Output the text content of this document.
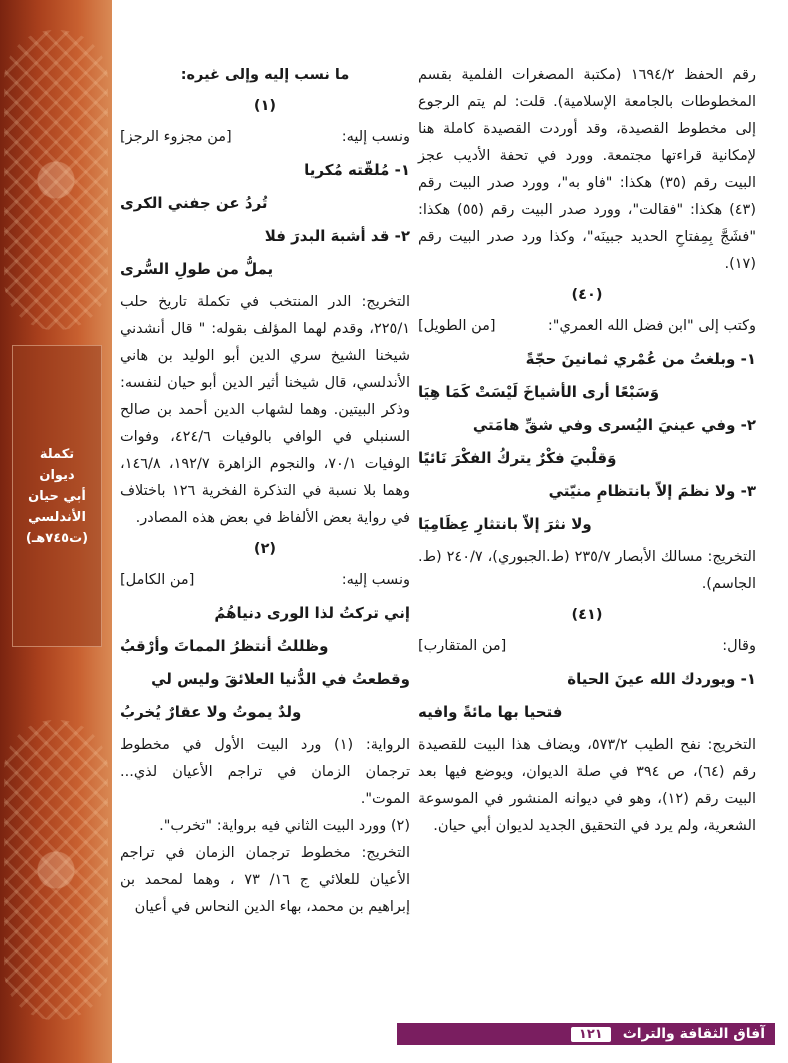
تكملة
ديوان
أبي حيان
الأندلسي
(ت٧٤٥هـ)

رقم الحفظ ١٦٩٤/٢ (مكتبة المصغرات الفلمية بقسم المخطوطات بالجامعة الإسلامية). قلت: لم يتم الرجوع إلى مخطوط القصيدة، وقد أوردت القصيدة كاملة هنا لإمكانية قراءتها مجتمعة. وورد في تحفة الأديب عجز البيت رقم (٣٥) هكذا: "فاو به"، وورد صدر البيت رقم (٤٣) هكذا: "فقالت"، وورد صدر البيت رقم (٥٥) هكذا: "فشَجَّ بِمِفتاحِ الحديد جبينَه"، وكذا ورد صدر البيت رقم (١٧).

(٤٠)

وكتب إلى "ابن فضل الله العمري":
[من الطويل]

١- وبلغتُ من عُمْري ثمانينَ حجّةً

وَسَبْعًا أرى الأشياخَ لَيْسَتْ كَمَا هِيَا

٢- وفي عينيَ اليُسرى وفي شقِّ هامَتي

وَقلْبيَ فكْرٌ يتركُ الفكْرَ نَائيًا

٣- ولا نظمَ إلاّ بانتظامِ منيّتي

ولا نثرَ إلاّ بانتثارِ عِظَامِيَا

التخريج: مسالك الأبصار ٢٣٥/٧ (ط.الجبوري)، ٢٤٠/٧ (ط. الجاسم).

(٤١)

وقال:
[من المتقارب]

١- ويوردك الله عينَ الحياة

فتحيا بها مائةً وافيه

التخريج: نفح الطيب ٥٧٣/٢، ويضاف هذا البيت للقصيدة رقم (٦٤)، ص ٣٩٤ في صلة الديوان، ويوضع فيها بعد البيت رقم (١٢)، وهو في ديوانه المنشور في الموسوعة الشعرية، ولم يرد في التحقيق الجديد لديوان أبي حيان.

ما نسب إليه وإلى غيره:

(١)

ونسب إليه:
[من مجزوء الرجز]

١- مُلقّته مُكريا

تُردُ عن جفني الكرى

٢- قد أشبهَ البدرَ فلا

يملُّ من طولِ السُّرى

التخريج: الدر المنتخب في تكملة تاريخ حلب ٢٢٥/١، وقدم لهما المؤلف بقوله: " قال أنشدني شيخنا الشيخ سري الدين أبو الوليد بن هاني الأندلسي، قال شيخنا أثير الدين أبو حيان لنفسه: وذكر البيتين. وهما لشهاب الدين أحمد بن صالح السنبلي في الوافي بالوفيات ٤٢٤/٦، وفوات الوفيات ٧٠/١، والنجوم الزاهرة ١٩٢/٧، ١٤٦/٨، وهما بلا نسبة في التذكرة الفخرية ١٢٦ باختلاف في رواية بعض الألفاظ في بعض هذه المصادر.

(٢)

ونسب إليه:
[من الكامل]

إني تركتُ لذا الورى دنياهُمُ

وظللتُ أنتظرُ المماتَ وأرْقبُ

وقطعتُ في الدُّنيا العلائقَ وليس لي

ولدٌ يموتُ ولا عقارٌ يُخربُ

الرواية: (١) ورد البيت الأول في مخطوط ترجمان الزمان في تراجم الأعيان لذي... الموت".

(٢) وورد البيت الثاني فيه برواية: "تخرب".

التخريج: مخطوط ترجمان الزمان في تراجم الأعيان للعلائي ج ١٦/ ٧٣ ، وهما لمحمد بن إبراهيم بن محمد، بهاء الدين النحاس في أعيان

آفاق الثقافة والتراث
١٢١
